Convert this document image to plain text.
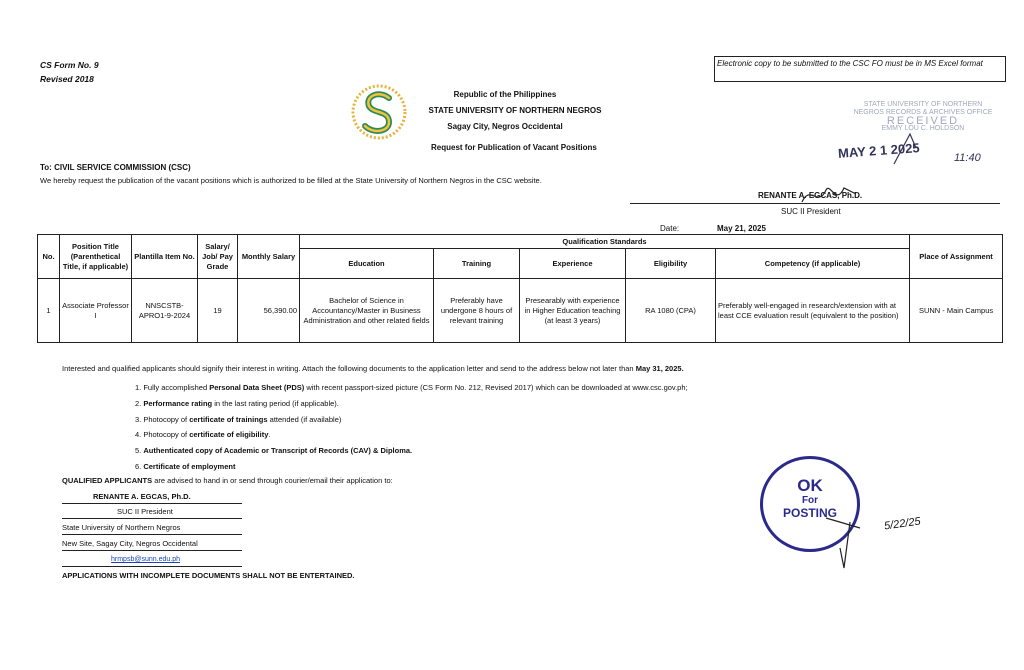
CS Form No. 9
Revised 2018
Electronic copy to be submitted to the CSC FO must be in MS Excel format
Republic of the Philippines
STATE UNIVERSITY OF NORTHERN NEGROS
Sagay City, Negros Occidental
Request for Publication of Vacant Positions
STATE UNIVERSITY OF NORTHERN
NEGROS RECORDS & ARCHIVES OFFICE
RECEIVED
EMMY LOU C. HOLDSON
MAY 2 1 2025	11:40
To: CIVIL SERVICE COMMISSION (CSC)
We hereby request the publication of the vacant positions which is authorized to be filled at the State University of Northern Negros in the CSC website.
RENANTE A. EGCAS, Ph.D.
SUC II President
Date:	May 21, 2025
No.	Position Title (Parenthetical Title, if applicable)	Plantilla Item No.	Salary/ Job/ Pay Grade	Monthly Salary	Qualification Standards					Place of Assignment
					Education	Training	Experience	Eligibility	Competency (if applicable)	
1	Associate Professor I	NNSCSTB-APRO1-9-2024	19	56,390.00	Bachelor of Science in Accountancy/Master in Business Administration and other related fields	Preferably have undergone 8 hours of relevant training	Presearably with experience in Higher Education teaching (at least 3 years)	RA 1080 (CPA)	Preferably well-engaged in research/extension with at least CCE evaluation result (equivalent to the position)	SUNN - Main Campus
Interested and qualified applicants should signify their interest in writing. Attach the following documents to the application letter and send to the address below not later than May 31, 2025.
1. Fully accomplished Personal Data Sheet (PDS) with recent passport-sized picture (CS Form No. 212, Revised 2017) which can be downloaded at www.csc.gov.ph;
2. Performance rating in the last rating period (if applicable).
3. Photocopy of certificate of trainings attended (if available)
4. Photocopy of certificate of eligibility.
5. Authenticated copy of Academic or Transcript of Records (CAV) & Diploma.
6. Certificate of employment
QUALIFIED APPLICANTS are advised to hand in or send through courier/email their application to:
RENANTE A. EGCAS, Ph.D.
SUC II President
State University of Northern Negros
New Site, Sagay City, Negros Occidental
hrmpsb@sunn.edu.ph
APPLICATIONS WITH INCOMPLETE DOCUMENTS SHALL NOT BE ENTERTAINED.
OK
For
POSTING
5/22/25
